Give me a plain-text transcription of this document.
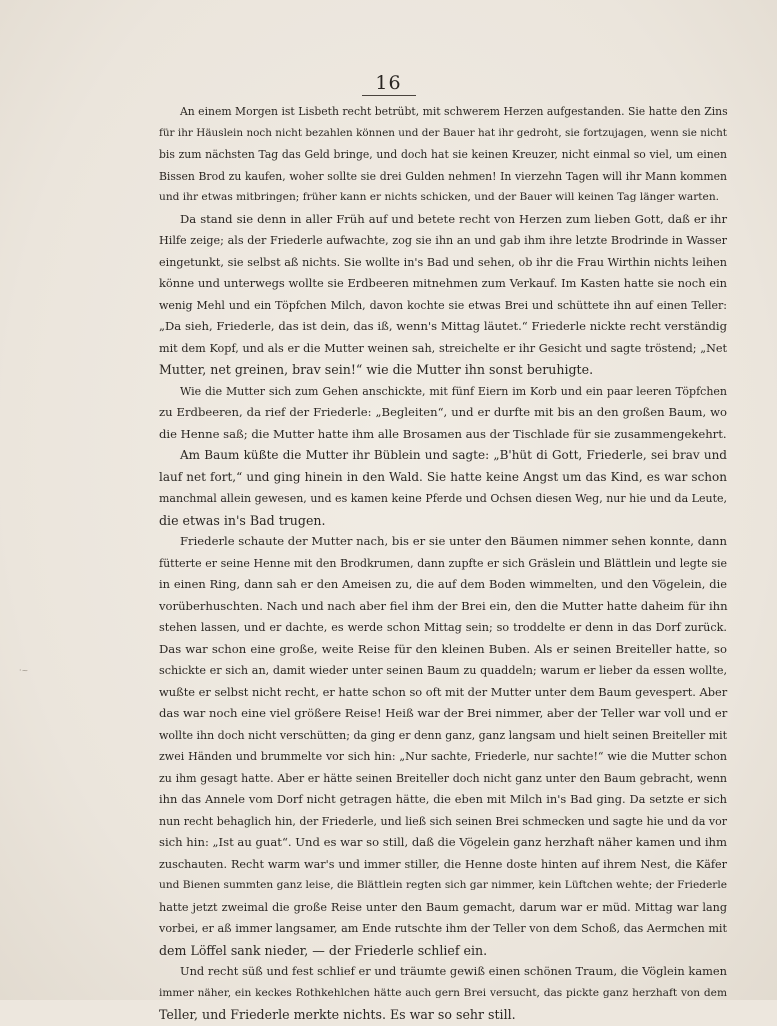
16
·~
An einem Morgen ist Lisbeth recht betrübt, mit schwerem Herzen aufgestanden. Sie hatte den Zins
für ihr Häuslein noch nicht bezahlen können und der Bauer hat ihr gedroht, sie fortzujagen, wenn sie nicht
bis zum nächsten Tag das Geld bringe, und doch hat sie keinen Kreuzer, nicht einmal so viel, um einen
Bissen Brod zu kaufen, woher sollte sie drei Gulden nehmen! In vierzehn Tagen will ihr Mann kommen
und ihr etwas mitbringen; früher kann er nichts schicken, und der Bauer will keinen Tag länger warten.
Da stand sie denn in aller Früh auf und betete recht von Herzen zum lieben Gott, daß er ihr
Hilfe zeige; als der Friederle aufwachte, zog sie ihn an und gab ihm ihre letzte Brodrinde in Wasser
eingetunkt, sie selbst aß nichts. Sie wollte in's Bad und sehen, ob ihr die Frau Wirthin nichts leihen
könne und unterwegs wollte sie Erdbeeren mitnehmen zum Verkauf. Im Kasten hatte sie noch ein
wenig Mehl und ein Töpfchen Milch, davon kochte sie etwas Brei und schüttete ihn auf einen Teller:
„Da sieh, Friederle, das ist dein, das iß, wenn's Mittag läutet.“ Friederle nickte recht verständig
mit dem Kopf, und als er die Mutter weinen sah, streichelte er ihr Gesicht und sagte tröstend; „Net
Mutter, net greinen, brav sein!“ wie die Mutter ihn sonst beruhigte.
Wie die Mutter sich zum Gehen anschickte, mit fünf Eiern im Korb und ein paar leeren Töpfchen
zu Erdbeeren, da rief der Friederle: „Begleiten“, und er durfte mit bis an den großen Baum, wo
die Henne saß; die Mutter hatte ihm alle Brosamen aus der Tischlade für sie zusammengekehrt.
Am Baum küßte die Mutter ihr Büblein und sagte: „B'hüt di Gott, Friederle, sei brav und
lauf net fort,“ und ging hinein in den Wald. Sie hatte keine Angst um das Kind, es war schon
manchmal allein gewesen, und es kamen keine Pferde und Ochsen diesen Weg, nur hie und da Leute,
die etwas in's Bad trugen.
Friederle schaute der Mutter nach, bis er sie unter den Bäumen nimmer sehen konnte, dann
fütterte er seine Henne mit den Brodkrumen, dann zupfte er sich Gräslein und Blättlein und legte sie
in einen Ring, dann sah er den Ameisen zu, die auf dem Boden wimmelten, und den Vögelein, die
vorüberhuschten. Nach und nach aber fiel ihm der Brei ein, den die Mutter hatte daheim für ihn
stehen lassen, und er dachte, es werde schon Mittag sein; so troddelte er denn in das Dorf zurück.
Das war schon eine große, weite Reise für den kleinen Buben. Als er seinen Breiteller hatte, so
schickte er sich an, damit wieder unter seinen Baum zu quaddeln; warum er lieber da essen wollte,
wußte er selbst nicht recht, er hatte schon so oft mit der Mutter unter dem Baum gevespert. Aber
das war noch eine viel größere Reise! Heiß war der Brei nimmer, aber der Teller war voll und er
wollte ihn doch nicht verschütten; da ging er denn ganz, ganz langsam und hielt seinen Breiteller mit
zwei Händen und brummelte vor sich hin: „Nur sachte, Friederle, nur sachte!“ wie die Mutter schon
zu ihm gesagt hatte. Aber er hätte seinen Breiteller doch nicht ganz unter den Baum gebracht, wenn
ihn das Annele vom Dorf nicht getragen hätte, die eben mit Milch in's Bad ging. Da setzte er sich
nun recht behaglich hin, der Friederle, und ließ sich seinen Brei schmecken und sagte hie und da vor
sich hin: „Ist au guat“. Und es war so still, daß die Vögelein ganz herzhaft näher kamen und ihm
zuschauten. Recht warm war's und immer stiller, die Henne doste hinten auf ihrem Nest, die Käfer
und Bienen summten ganz leise, die Blättlein regten sich gar nimmer, kein Lüftchen wehte; der Friederle
hatte jetzt zweimal die große Reise unter den Baum gemacht, darum war er müd. Mittag war lang
vorbei, er aß immer langsamer, am Ende rutschte ihm der Teller von dem Schoß, das Aermchen mit
dem Löffel sank nieder, — der Friederle schlief ein.
Und recht süß und fest schlief er und träumte gewiß einen schönen Traum, die Vöglein kamen
immer näher, ein keckes Rothkehlchen hätte auch gern Brei versucht, das pickte ganz herzhaft von dem
Teller, und Friederle merkte nichts. Es war so sehr still.
